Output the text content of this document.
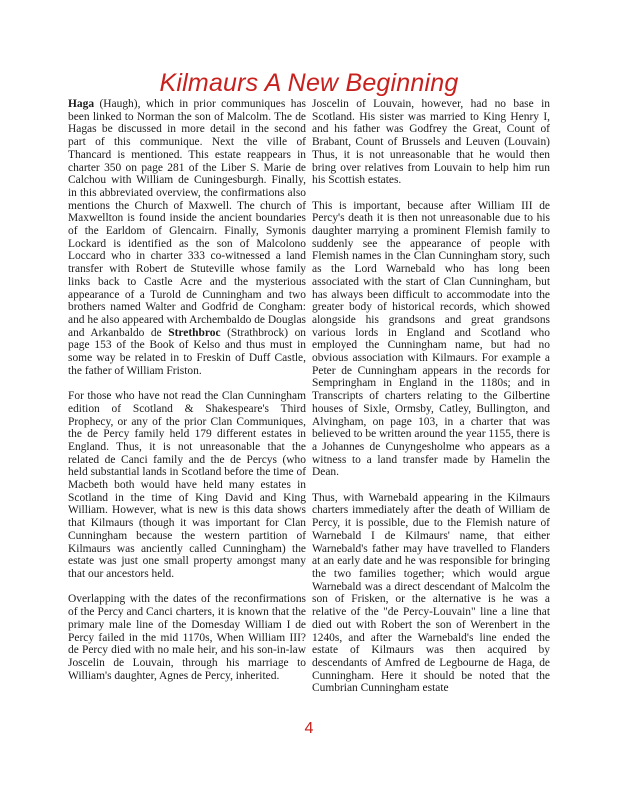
Kilmaurs A New Beginning

Haga (Haugh), which in prior communiques has been linked to Norman the son of Malcolm. The de Hagas be discussed in more detail in the second part of this communique. Next the ville of Thancard is mentioned. This estate reappears in charter 350 on page 281 of the Liber S. Marie de Calchou with William de Cuningesburgh. Finally, in this abbreviated overview, the confirmations also mentions the Church of Maxwell. The church of Maxwellton is found inside the ancient boundaries of the Earldom of Glencairn. Finally, Symonis Lockard is identified as the son of Malcolono Loccard who in charter 333 co-witnessed a land transfer with Robert de Stuteville whose family links back to Castle Acre and the mysterious appearance of a Turold de Cunningham and two brothers named Walter and Godfrid de Congham: and he also appeared with Archembaldo de Douglas and Arkanbaldo de Strethbroc (Strathbrock) on page 153 of the Book of Kelso and thus must in some way be related in to Freskin of Duff Castle, the father of William Friston.

For those who have not read the Clan Cunningham edition of Scotland & Shakespeare's Third Prophecy, or any of the prior Clan Communiques, the de Percy family held 179 different estates in England. Thus, it is not unreasonable that the related de Canci family and the de Percys (who held substantial lands in Scotland before the time of Macbeth both would have held many estates in Scotland in the time of King David and King William. However, what is new is this data shows that Kilmaurs (though it was important for Clan Cunningham because the western partition of Kilmaurs was anciently called Cunningham) the estate was just one small property amongst many that our ancestors held.

Overlapping with the dates of the reconfirmations of the Percy and Canci charters, it is known that the primary male line of the Domesday William I de Percy failed in the mid 1170s, When William III? de Percy died with no male heir, and his son-in-law Joscelin de Louvain, through his marriage to William's daughter, Agnes de Percy, inherited.

Joscelin of Louvain, however, had no base in Scotland. His sister was married to King Henry I, and his father was Godfrey the Great, Count of Brabant, Count of Brussels and Leuven (Louvain) Thus, it is not unreasonable that he would then bring over relatives from Louvain to help him run his Scottish estates.

This is important, because after William III de Percy's death it is then not unreasonable due to his daughter marrying a prominent Flemish family to suddenly see the appearance of people with Flemish names in the Clan Cunningham story, such as the Lord Warnebald who has long been associated with the start of Clan Cunningham, but has always been difficult to accommodate into the greater body of historical records, which showed alongside his grandsons and great grandsons various lords in England and Scotland who employed the Cunningham name, but had no obvious association with Kilmaurs. For example a Peter de Cunningham appears in the records for Sempringham in England in the 1180s; and in Transcripts of charters relating to the Gilbertine houses of Sixle, Ormsby, Catley, Bullington, and Alvingham, on page 103, in a charter that was believed to be written around the year 1155, there is a Johannes de Cunyngesholme who appears as a witness to a land transfer made by Hamelin the Dean.

Thus, with Warnebald appearing in the Kilmaurs charters immediately after the death of William de Percy, it is possible, due to the Flemish nature of Warnebald I de Kilmaurs' name, that either Warnebald's father may have travelled to Flanders at an early date and he was responsible for bringing the two families together; which would argue Warnebald was a direct descendant of Malcolm the son of Frisken, or the alternative is he was a relative of the "de Percy-Louvain" line a line that died out with Robert the son of Werenbert in the 1240s, and after the Warnebald's line ended the estate of Kilmaurs was then acquired by descendants of Amfred de Legbourne de Haga, de Cunningham. Here it should be noted that the Cumbrian Cunningham estate

4
